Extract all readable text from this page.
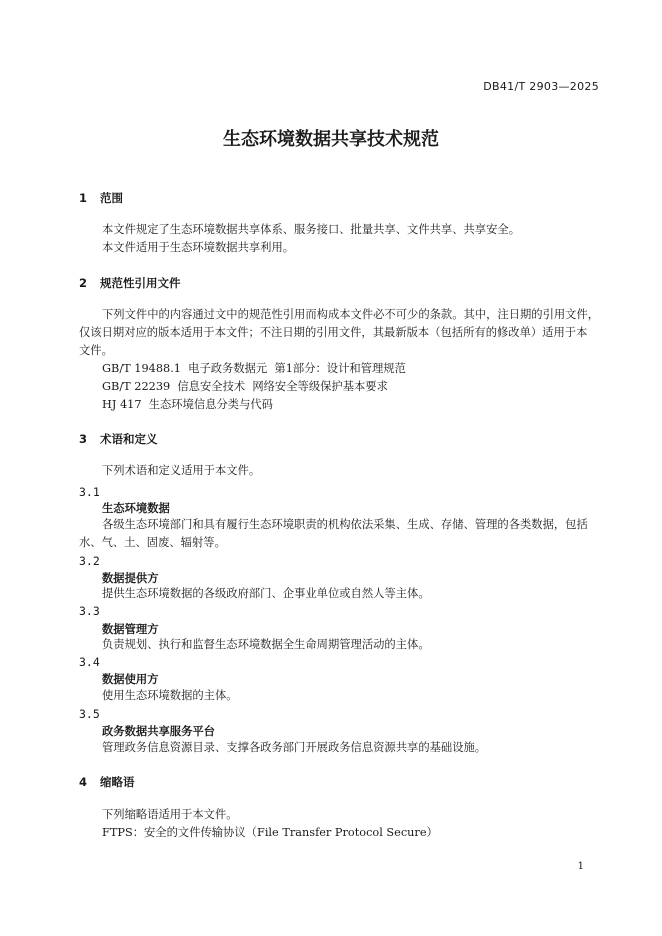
DB41/T 2903—2025
生态环境数据共享技术规范
1 范围
本文件规定了生态环境数据共享体系、服务接口、批量共享、文件共享、共享安全。
本文件适用于生态环境数据共享利用。
2 规范性引用文件
下列文件中的内容通过文中的规范性引用而构成本文件必不可少的条款。其中，注日期的引用文件，
仅该日期对应的版本适用于本文件；不注日期的引用文件，其最新版本（包括所有的修改单）适用于本
文件。
GB/T 19488.1  电子政务数据元  第1部分：设计和管理规范
GB/T 22239  信息安全技术  网络安全等级保护基本要求
HJ 417  生态环境信息分类与代码
3 术语和定义
下列术语和定义适用于本文件。
3.1
生态环境数据
各级生态环境部门和具有履行生态环境职责的机构依法采集、生成、存储、管理的各类数据，包括
水、气、土、固废、辐射等。
3.2
数据提供方
提供生态环境数据的各级政府部门、企事业单位或自然人等主体。
3.3
数据管理方
负责规划、执行和监督生态环境数据全生命周期管理活动的主体。
3.4
数据使用方
使用生态环境数据的主体。
3.5
政务数据共享服务平台
管理政务信息资源目录、支撑各政务部门开展政务信息资源共享的基础设施。
4 缩略语
下列缩略语适用于本文件。
FTPS：安全的文件传输协议（File Transfer Protocol Secure）
1
